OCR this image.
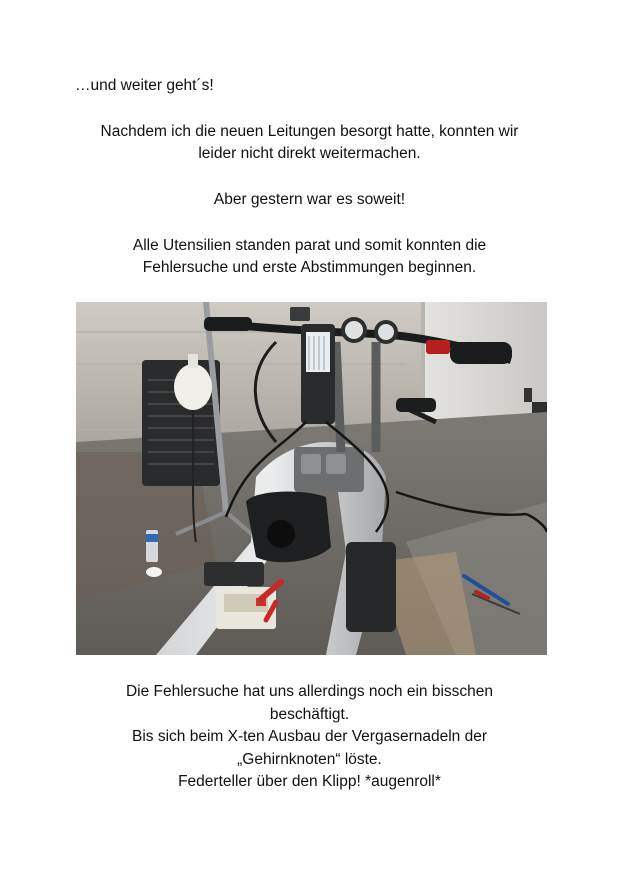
…und weiter geht´s!
Nachdem ich die neuen Leitungen besorgt hatte, konnten wir
leider nicht direkt weitermachen.
Aber gestern war es soweit!
Alle Utensilien standen parat und somit konnten die
Fehlersuche und erste Abstimmungen beginnen.
Die Fehlersuche hat uns allerdings noch ein bisschen
beschäftigt.
Bis sich beim X-ten Ausbau der Vergasernadeln der
„Gehirnknoten“ löste.
Federteller über den Klipp! *augenroll*
